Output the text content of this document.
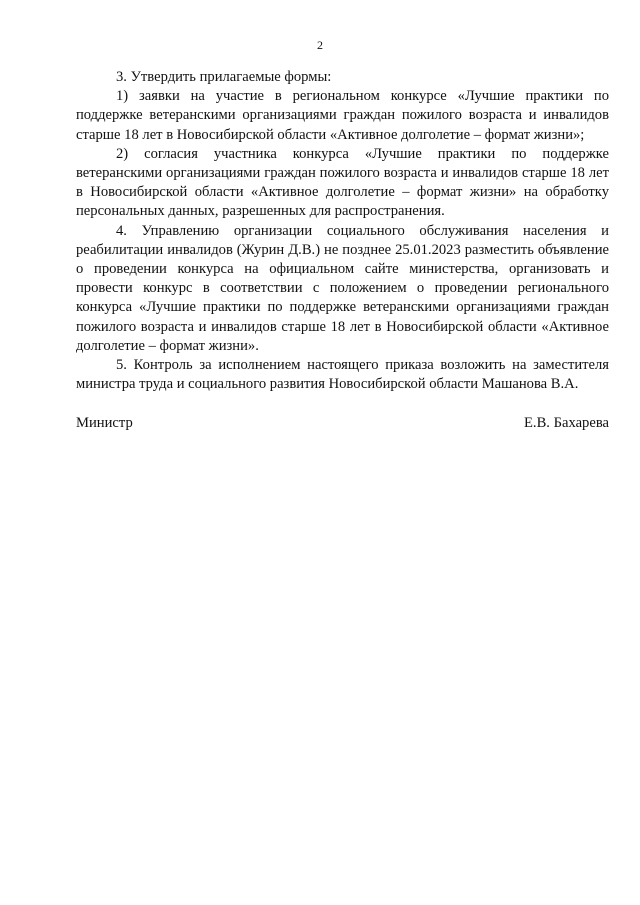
2

3. Утвердить прилагаемые формы:

1) заявки на участие в региональном конкурсе «Лучшие практики по поддержке ветеранскими организациями граждан пожилого возраста и инвалидов старше 18 лет в Новосибирской области «Активное долголетие – формат жизни»;

2) согласия участника конкурса «Лучшие практики по поддержке ветеранскими организациями граждан пожилого возраста и инвалидов старше 18 лет в Новосибирской области «Активное долголетие – формат жизни» на обработку персональных данных, разрешенных для распространения.

4. Управлению организации социального обслуживания населения и реабилитации инвалидов (Журин Д.В.) не позднее 25.01.2023 разместить объявление о проведении конкурса на официальном сайте министерства, организовать и провести конкурс в соответствии с положением о проведении регионального конкурса «Лучшие практики по поддержке ветеранскими организациями граждан пожилого возраста и инвалидов старше 18 лет в Новосибирской области «Активное долголетие – формат жизни».

5. Контроль за исполнением настоящего приказа возложить на заместителя министра труда и социального развития Новосибирской области Машанова В.А.

Министр	Е.В. Бахарева
